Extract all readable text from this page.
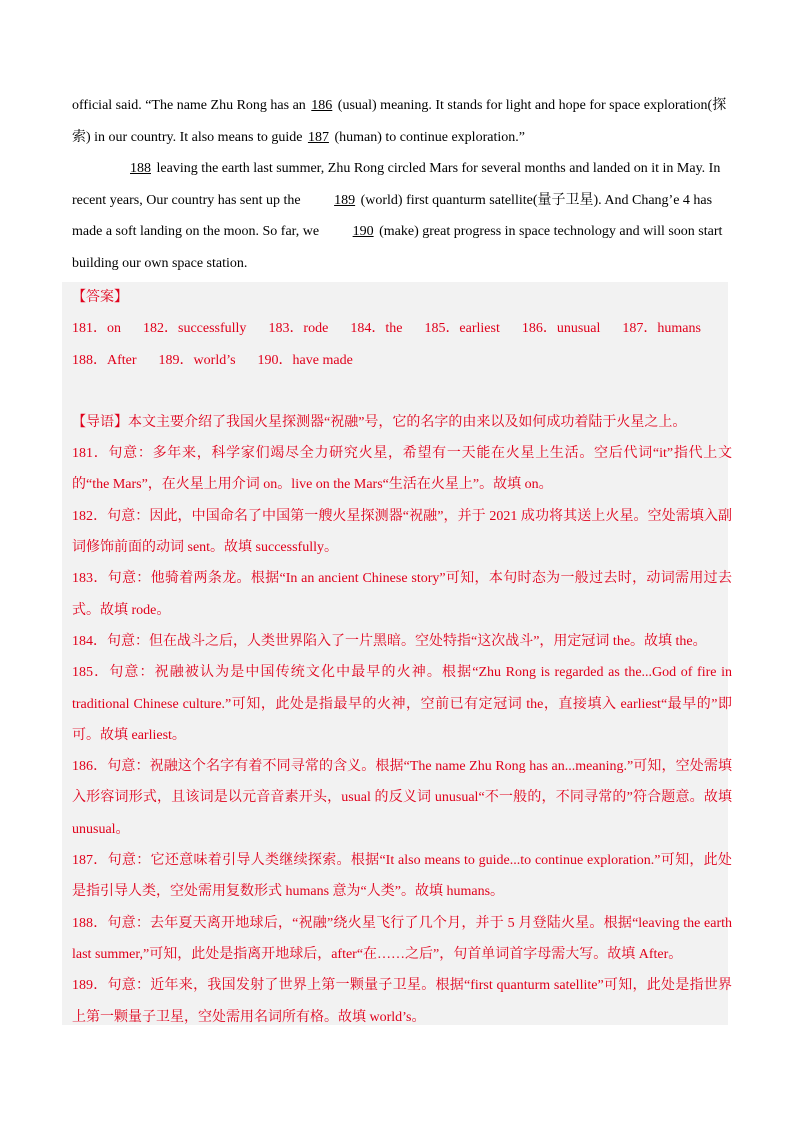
official said. “The name Zhu Rong has an 186 (usual) meaning. It stands for light and hope for space exploration(探索) in our country. It also means to guide 187 (human) to continue exploration.”

188 leaving the earth last summer, Zhu Rong circled Mars for several months and landed on it in May. In recent years, Our country has sent up the 189 (world) first quanturm satellite(量子卫星). And Chang’e 4 has made a soft landing on the moon. So far, we 190 (make) great progress in space technology and will soon start building our own space station.

【答案】

181．on 182．successfully 183．rode 184．the 185．earliest 186．unusual 187．humans
188．After 189．world’s 190．have made

【导语】本文主要介绍了我国火星探测器“祝融”号，它的名字的由来以及如何成功着陆于火星之上。

181．句意：多年来，科学家们竭尽全力研究火星，希望有一天能在火星上生活。空后代词“it”指代上文的“the Mars”，在火星上用介词 on。live on the Mars“生活在火星上”。故填 on。

182．句意：因此，中国命名了中国第一艘火星探测器“祝融”，并于 2021 成功将其送上火星。空处需填入副词修饰前面的动词 sent。故填 successfully。

183．句意：他骑着两条龙。根据“In an ancient Chinese story”可知，本句时态为一般过去时，动词需用过去式。故填 rode。

184．句意：但在战斗之后，人类世界陷入了一片黑暗。空处特指“这次战斗”，用定冠词 the。故填 the。

185．句意：祝融被认为是中国传统文化中最早的火神。根据“Zhu Rong is regarded as the...God of fire in traditional Chinese culture.”可知，此处是指最早的火神，空前已有定冠词 the，直接填入 earliest“最早的”即可。故填 earliest。

186．句意：祝融这个名字有着不同寻常的含义。根据“The name Zhu Rong has an...meaning.”可知，空处需填入形容词形式，且该词是以元音音素开头，usual 的反义词 unusual“不一般的，不同寻常的”符合题意。故填 unusual。

187．句意：它还意味着引导人类继续探索。根据“It also means to guide...to continue exploration.”可知，此处是指引导人类，空处需用复数形式 humans 意为“人类”。故填 humans。

188．句意：去年夏天离开地球后，“祝融”绕火星飞行了几个月，并于 5 月登陆火星。根据“leaving the earth last summer,”可知，此处是指离开地球后，after“在……之后”，句首单词首字母需大写。故填 After。

189．句意：近年来，我国发射了世界上第一颗量子卫星。根据“first quanturm satellite”可知，此处是指世界上第一颗量子卫星，空处需用名词所有格。故填 world’s。
